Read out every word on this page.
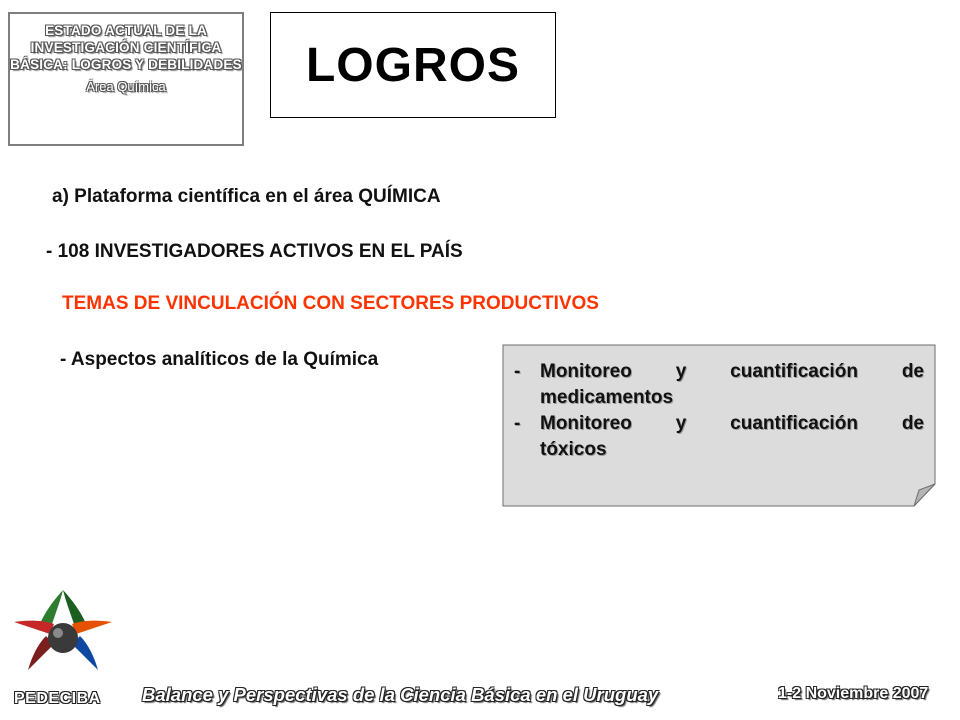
ESTADO ACTUAL DE LA INVESTIGACIÓN CIENTÍFICA BÁSICA: LOGROS Y DEBILIDADES
Área Química	LOGROS
a) Plataforma científica en el área QUÍMICA
- 108 INVESTIGADORES ACTIVOS EN EL PAÍS
TEMAS DE VINCULACIÓN CON SECTORES PRODUCTIVOS
- Aspectos analíticos de la Química
-	Monitoreo y cuantificación de
medicamentos
-	Monitoreo y cuantificación de
tóxicos
PEDECIBA Balance y Perspectivas de la Ciencia Básica en el Uruguay	1-2 Noviembre 2007
